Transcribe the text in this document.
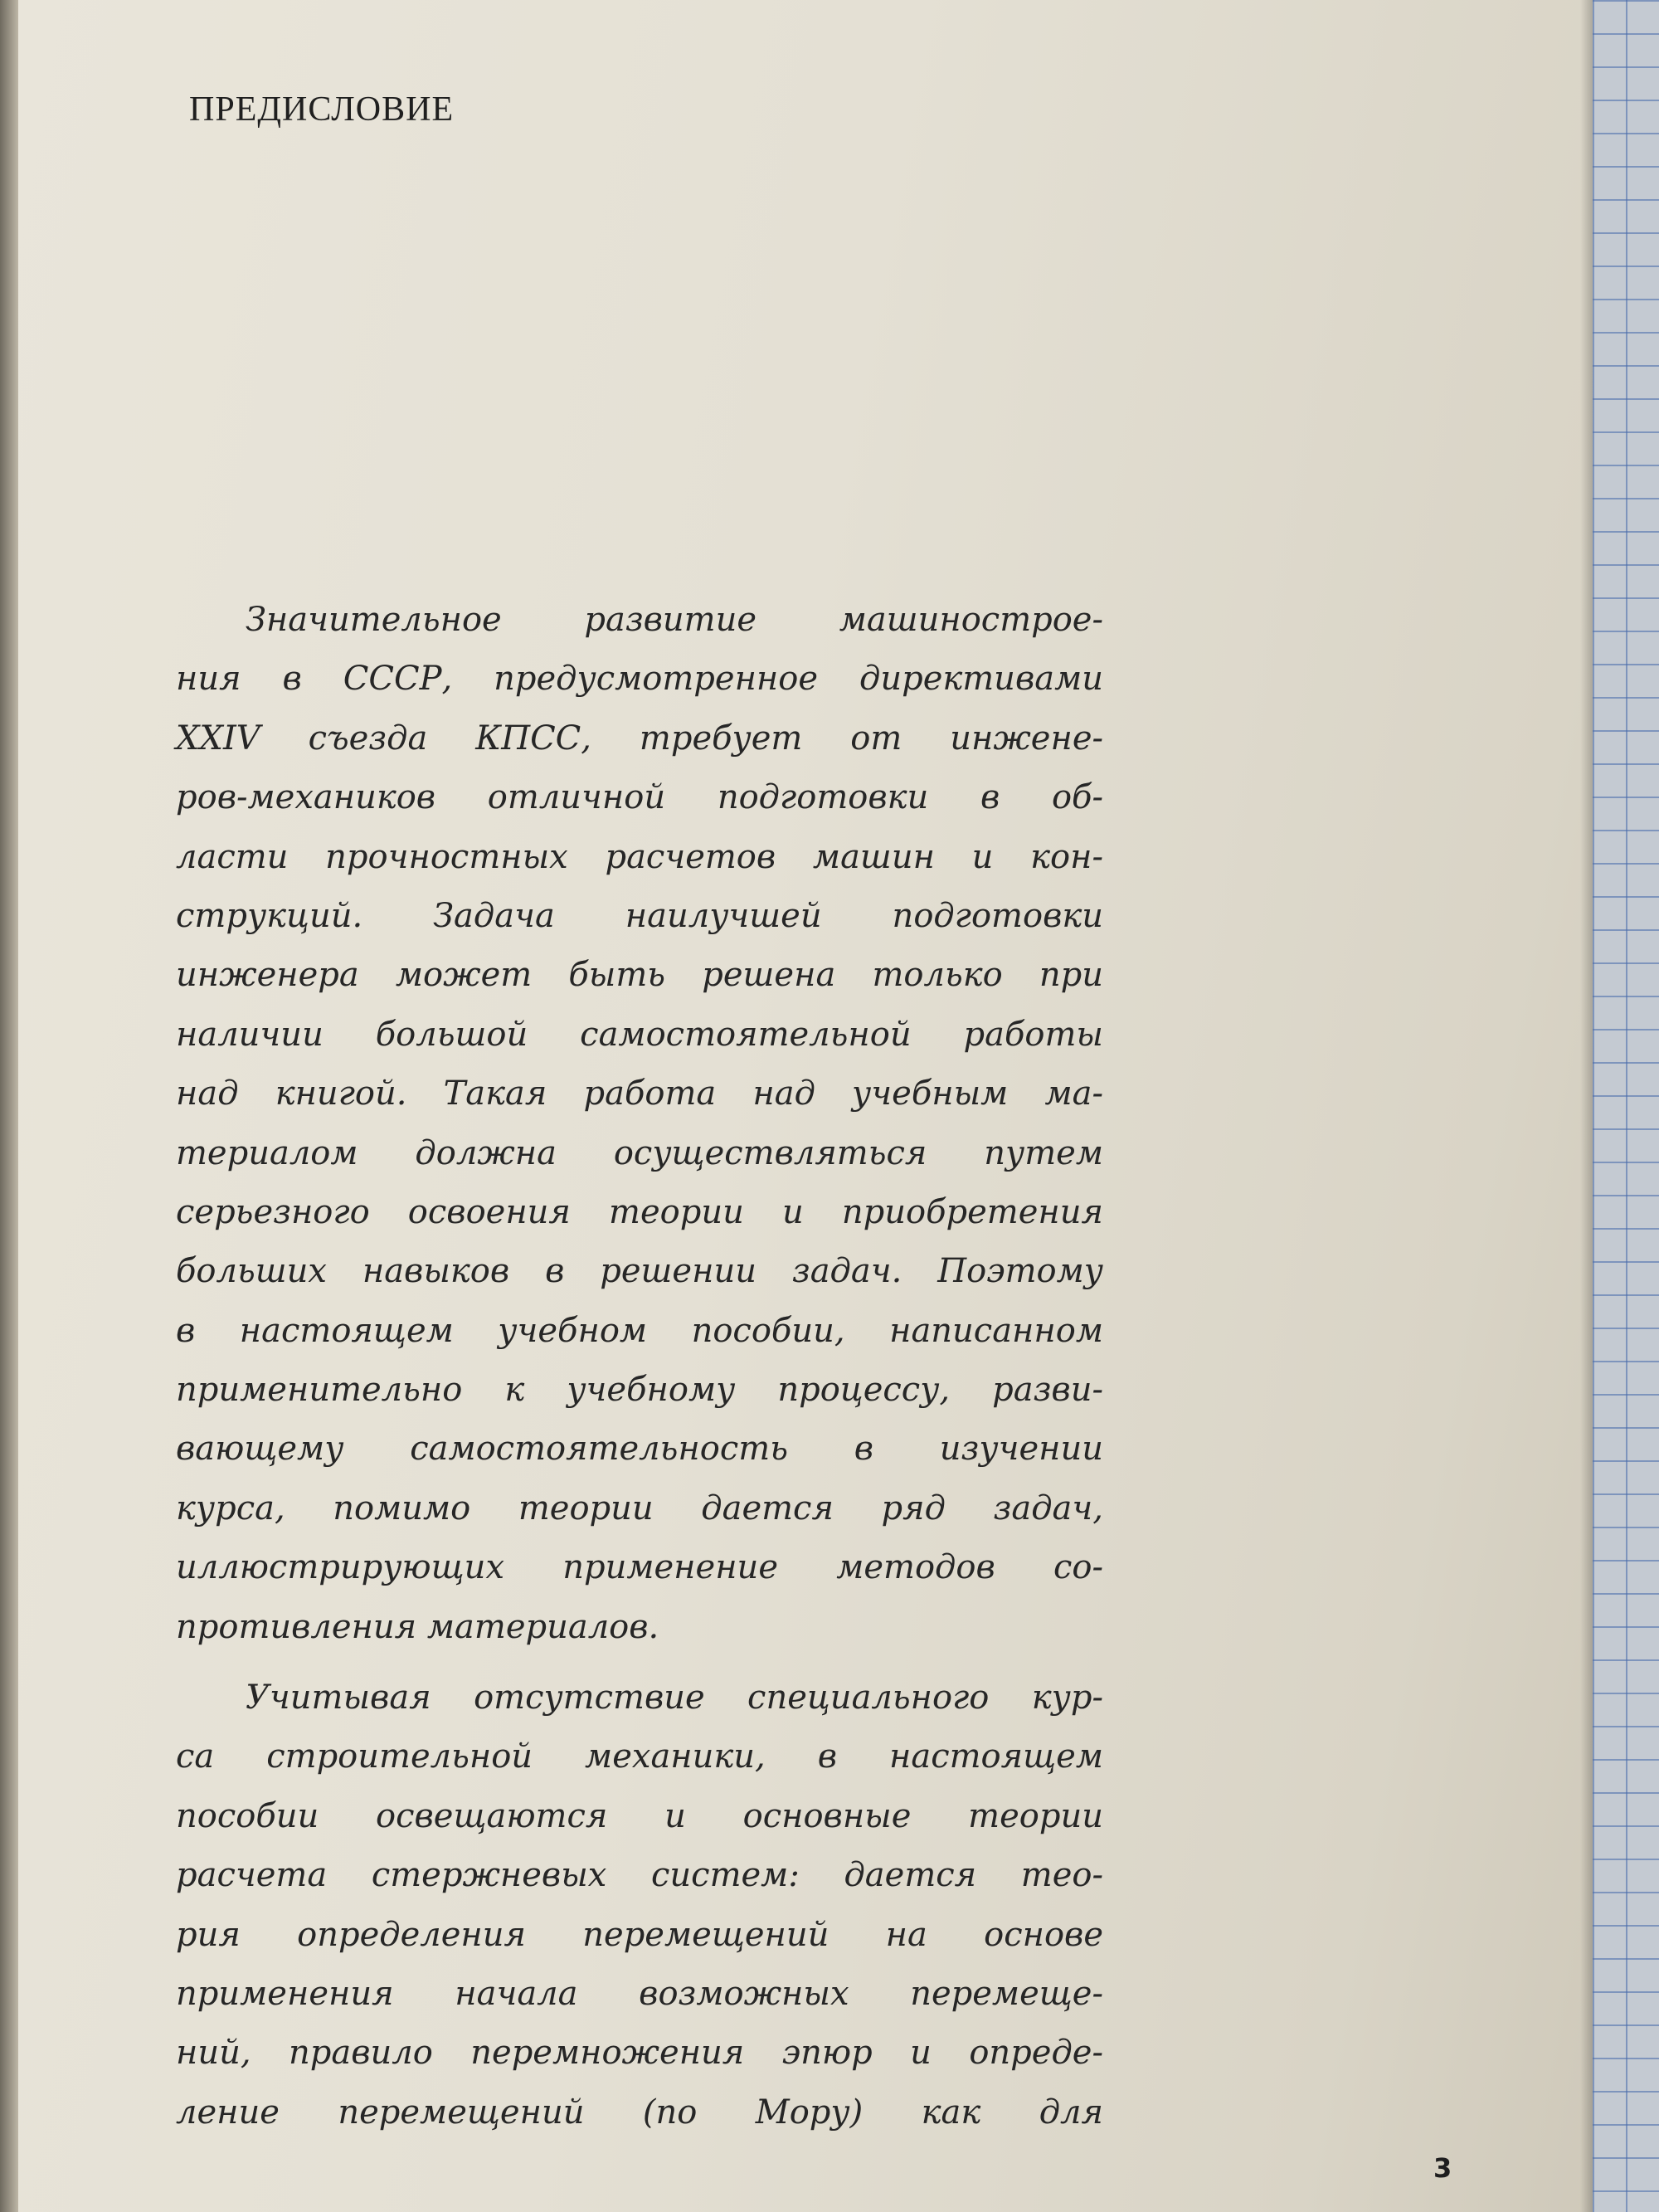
ПРЕДИСЛОВИЕ
Значительное развитие машинострое-
ния в СССР, предусмотренное директивами
XXIV съезда КПСС, требует от инжене-
ров-механиков отличной подготовки в об-
ласти прочностных расчетов машин и кон-
струкций. Задача наилучшей подготовки
инженера может быть решена только при
наличии большой самостоятельной работы
над книгой. Такая работа над учебным ма-
териалом должна осуществляться путем
серьезного освоения теории и приобретения
больших навыков в решении задач. Поэтому
в настоящем учебном пособии, написанном
применительно к учебному процессу, разви-
вающему самостоятельность в изучении
курса, помимо теории дается ряд задач,
иллюстрирующих применение методов со-
противления материалов.
Учитывая отсутствие специального кур-
са строительной механики, в настоящем
пособии освещаются и основные теории
расчета стержневых систем: дается тео-
рия определения перемещений на основе
применения начала возможных перемеще-
ний, правило перемножения эпюр и опреде-
ление перемещений (по Мору) как для
3
